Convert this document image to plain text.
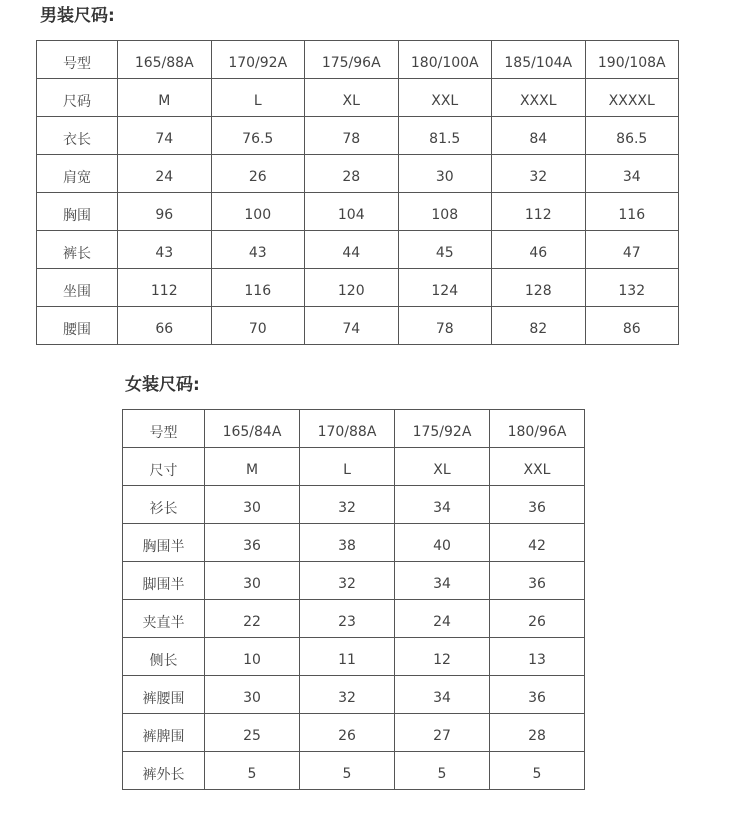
男装尺码:
号型	165/88A	170/92A	175/96A	180/100A	185/104A	190/108A
尺码	M	L	XL	XXL	XXXL	XXXXL
衣长	74	76.5	78	81.5	84	86.5
肩宽	24	26	28	30	32	34
胸围	96	100	104	108	112	116
裤长	43	43	44	45	46	47
坐围	112	116	120	124	128	132
腰围	66	70	74	78	82	86
女装尺码:
号型	165/84A	170/88A	175/92A	180/96A
尺寸	M	L	XL	XXL
衫长	30	32	34	36
胸围半	36	38	40	42
脚围半	30	32	34	36
夹直半	22	23	24	26
侧长	10	11	12	13
裤腰围	30	32	34	36
裤脾围	25	26	27	28
裤外长	5	5	5	5
